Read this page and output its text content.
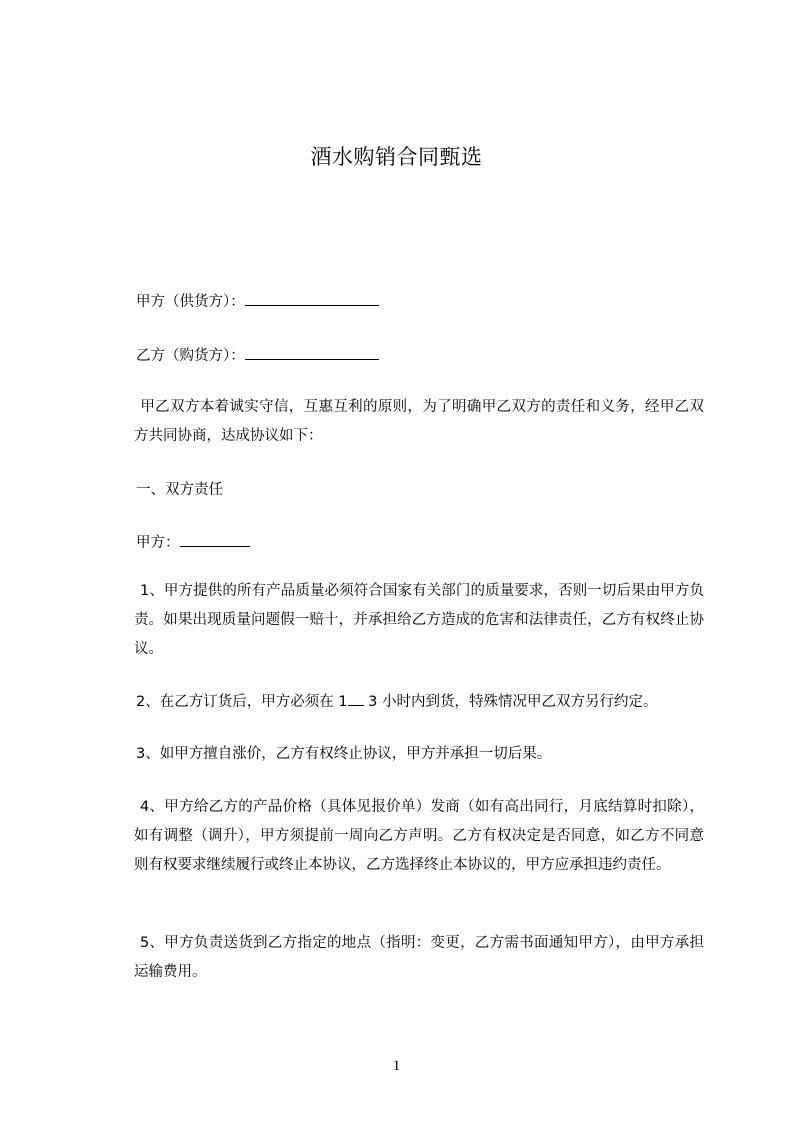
酒水购销合同甄选
甲方（供货方）：
乙方（购货方）：
甲乙双方本着诚实守信，互惠互利的原则，为了明确甲乙双方的责任和义务，经甲乙双方共同协商，达成协议如下：
一、双方责任
甲方：
1、甲方提供的所有产品质量必须符合国家有关部门的质量要求，否则一切后果由甲方负责。如果出现质量问题假一赔十，并承担给乙方造成的危害和法律责任，乙方有权终止协议。
2、在乙方订货后，甲方必须在 1 3 小时内到货，特殊情况甲乙双方另行约定。
3、如甲方擅自涨价，乙方有权终止协议，甲方并承担一切后果。
4、甲方给乙方的产品价格（具体见报价单）发商（如有高出同行，月底结算时扣除），如有调整（调升），甲方须提前一周向乙方声明。乙方有权决定是否同意，如乙方不同意则有权要求继续履行或终止本协议，乙方选择终止本协议的，甲方应承担违约责任。
5、甲方负责送货到乙方指定的地点（指明：变更，乙方需书面通知甲方），由甲方承担运输费用。
1
